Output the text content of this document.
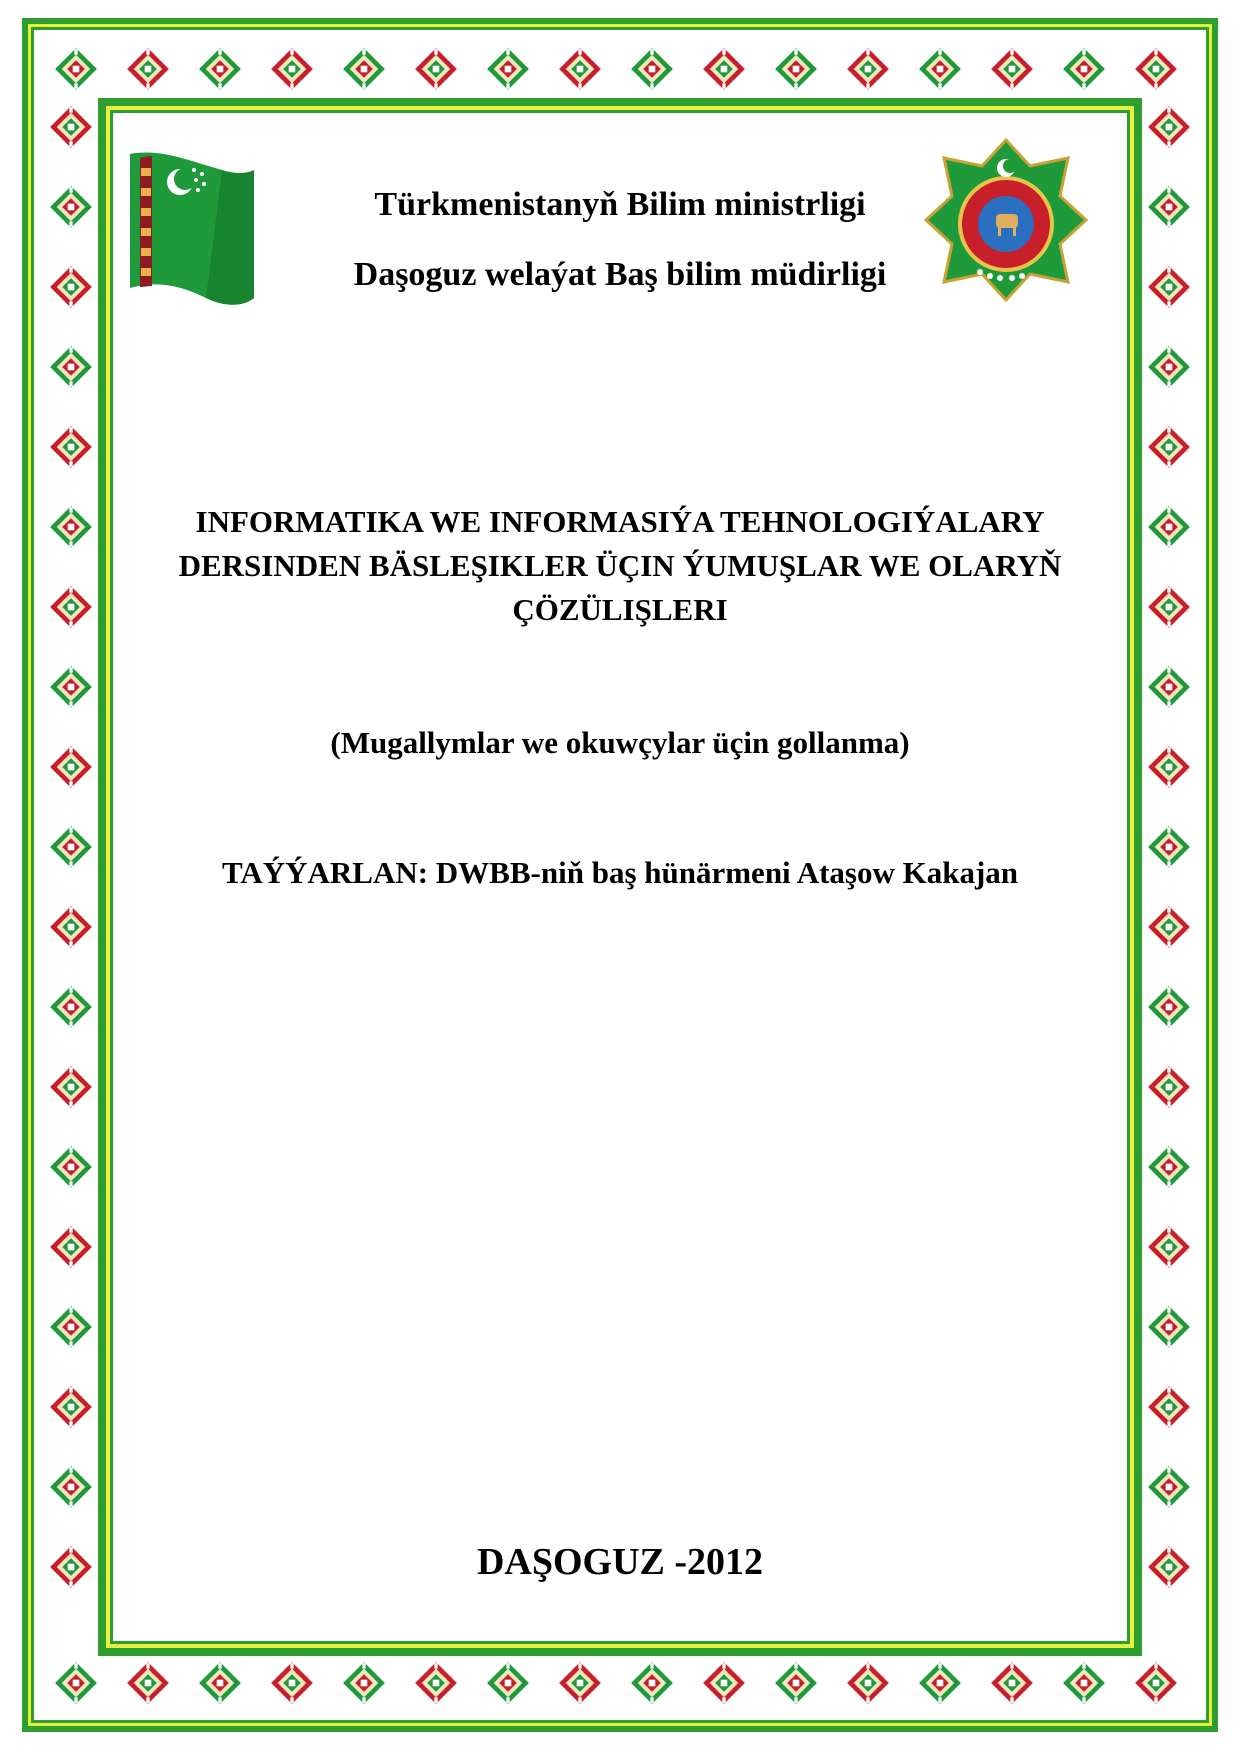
Türkmenistanyň Bilim ministrligi

Daşoguz welaýat Baş bilim müdirligi

INFORMATIKA WE INFORMASIÝA TEHNOLOGIÝALARY
DERSINDEN BÄSLEŞIKLER ÜÇIN ÝUMUŞLAR WE OLARYŇ
ÇÖZÜLIŞLERI

(Mugallymlar we okuwçylar üçin gollanma)

TAÝÝARLAN: DWBB-niň baş hünärmeni Ataşow Kakajan

DAŞOGUZ -2012
